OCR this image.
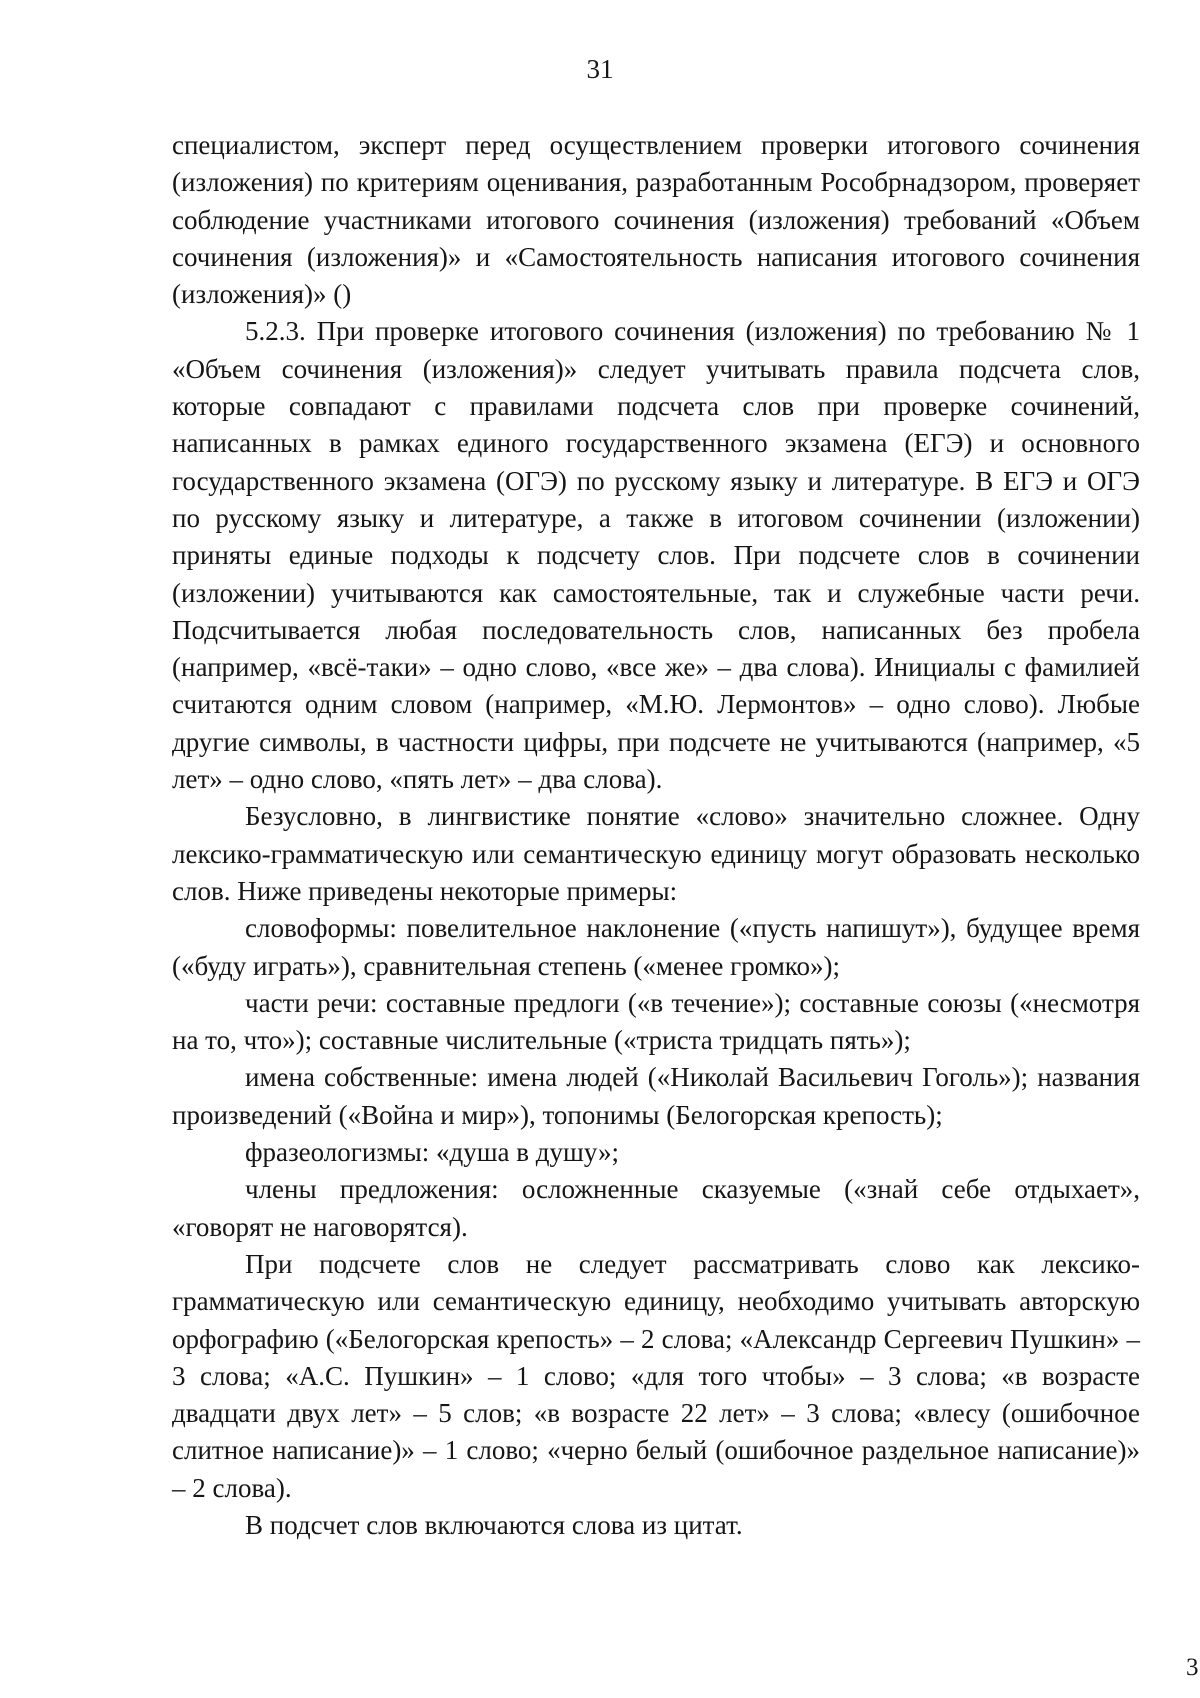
31

специалистом, эксперт перед осуществлением проверки итогового сочинения (изложения) по критериям оценивания, разработанным Рособрнадзором, проверяет соблюдение участниками итогового сочинения (изложения) требований «Объем сочинения (изложения)» и «Самостоятельность написания итогового сочинения (изложения)» ()

5.2.3. При проверке итогового сочинения (изложения) по требованию № 1 «Объем сочинения (изложения)» следует учитывать правила подсчета слов, которые совпадают с правилами подсчета слов при проверке сочинений, написанных в рамках единого государственного экзамена (ЕГЭ) и основного государственного экзамена (ОГЭ) по русскому языку и литературе. В ЕГЭ и ОГЭ по русскому языку и литературе, а также в итоговом сочинении (изложении) приняты единые подходы к подсчету слов. При подсчете слов в сочинении (изложении) учитываются как самостоятельные, так и служебные части речи. Подсчитывается любая последовательность слов, написанных без пробела (например, «всё-таки» – одно слово, «все же» – два слова). Инициалы с фамилией считаются одним словом (например, «М.Ю. Лермонтов» – одно слово). Любые другие символы, в частности цифры, при подсчете не учитываются (например, «5 лет» – одно слово, «пять лет» – два слова).

Безусловно, в лингвистике понятие «слово» значительно сложнее. Одну лексико-грамматическую или семантическую единицу могут образовать несколько слов. Ниже приведены некоторые примеры:

словоформы: повелительное наклонение («пусть напишут»), будущее время («буду играть»), сравнительная степень («менее громко»);

части речи: составные предлоги («в течение»); составные союзы («несмотря на то, что»); составные числительные («триста тридцать пять»);

имена собственные: имена людей («Николай Васильевич Гоголь»); названия произведений («Война и мир»), топонимы (Белогорская крепость);

фразеологизмы: «душа в душу»;

члены предложения: осложненные сказуемые («знай себе отдыхает», «говорят не наговорятся).

При подсчете слов не следует рассматривать слово как лексико-грамматическую или семантическую единицу, необходимо учитывать авторскую орфографию («Белогорская крепость» – 2 слова; «Александр Сергеевич Пушкин» – 3 слова; «А.С. Пушкин» – 1 слово; «для того чтобы» – 3 слова; «в возрасте двадцати двух лет» – 5 слов; «в возрасте 22 лет» – 3 слова; «влесу (ошибочное слитное написание)» – 1 слово; «черно белый (ошибочное раздельное написание)» – 2 слова).

В подсчет слов включаются слова из цитат.

3
